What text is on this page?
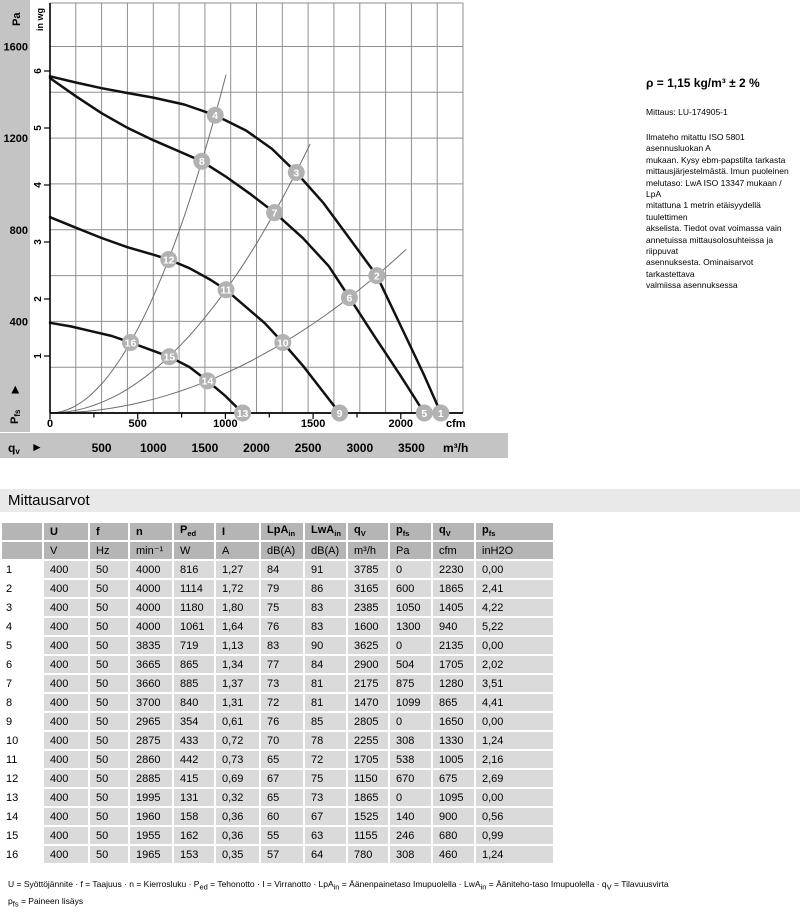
Pa in wg
1600
1200
800
400
6
5
4
3
2
1
►
Pfs
0	500	1000	1500	2000	cfm
qv ►	500 1000 1500 2000 2500 3000 3500 m³/h
1
2
3
4
5
6
7
8
9
10
11
12
13
14
15
16
ρ = 1,15 kg/m³ ± 2 %
Mittaus: LU-174905-1
Ilmateho mitattu ISO 5801 asennusluokan A
mukaan. Kysy ebm-papstilta tarkasta
mittausjärjestelmästä. Imun puoleinen
melutaso: LwA ISO 13347 mukaan / LpA
mitattuna 1 metrin etäisyydellä tuulettimen
akselista. Tiedot ovat voimassa vain
annetuissa mittausolosuhteissa ja riippuvat
asennuksesta. Ominaisarvot tarkastettava
valmiissa asennuksessa
Mittausarvot
	U	f	n	$P_{ed}$	I	LpA$_{in}$	LwA$_{in}$	$q_V$	$p_{fs}$	$q_V$	$p_{fs}$
	V	Hz	min⁻¹	W	A	dB(A)	dB(A)	m³/h	Pa	cfm	inH2O
1	400	50	4000	816	1,27	84	91	3785	0	2230	0,00
2	400	50	4000	1114	1,72	79	86	3165	600	1865	2,41
3	400	50	4000	1180	1,80	75	83	2385	1050	1405	4,22
4	400	50	4000	1061	1,64	76	83	1600	1300	940	5,22
5	400	50	3835	719	1,13	83	90	3625	0	2135	0,00
6	400	50	3665	865	1,34	77	84	2900	504	1705	2,02
7	400	50	3660	885	1,37	73	81	2175	875	1280	3,51
8	400	50	3700	840	1,31	72	81	1470	1099	865	4,41
9	400	50	2965	354	0,61	76	85	2805	0	1650	0,00
10	400	50	2875	433	0,72	70	78	2255	308	1330	1,24
11	400	50	2860	442	0,73	65	72	1705	538	1005	2,16
12	400	50	2885	415	0,69	67	75	1150	670	675	2,69
13	400	50	1995	131	0,32	65	73	1865	0	1095	0,00
14	400	50	1960	158	0,36	60	67	1525	140	900	0,56
15	400	50	1955	162	0,36	55	63	1155	246	680	0,99
16	400	50	1965	153	0,35	57	64	780	308	460	1,24
U = Syöttöjännite · f = Taajuus · n = Kierrosluku · $P_{ed}$ = Tehonotto · I = Virranotto · LpA$_{in}$ = Äänenpainetaso Imupuolella · LwA$_{in}$ = Ääniteho-taso Imupuolella · $q_V$ = Tilavuusvirta
$p_{fs}$ = Paineen lisäys
